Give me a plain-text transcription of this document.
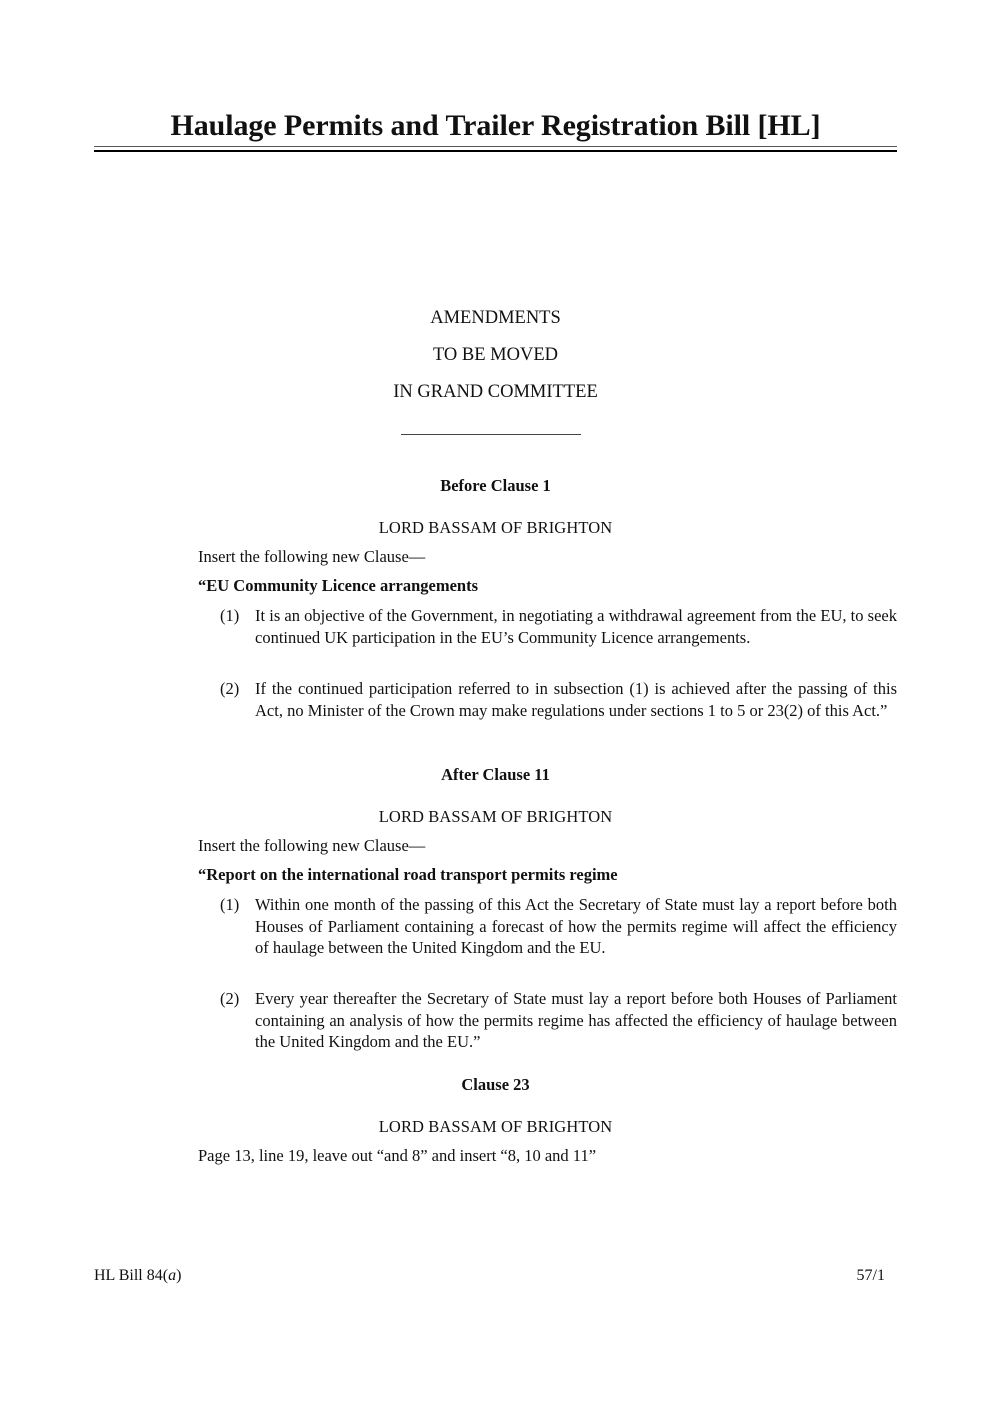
Haulage Permits and Trailer Registration Bill [HL]
AMENDMENTS
TO BE MOVED
IN GRAND COMMITTEE
Before Clause 1
LORD BASSAM OF BRIGHTON
Insert the following new Clause—
“EU Community Licence arrangements
(1) It is an objective of the Government, in negotiating a withdrawal agreement from the EU, to seek continued UK participation in the EU’s Community Licence arrangements.
(2) If the continued participation referred to in subsection (1) is achieved after the passing of this Act, no Minister of the Crown may make regulations under sections 1 to 5 or 23(2) of this Act.”
After Clause 11
LORD BASSAM OF BRIGHTON
Insert the following new Clause—
“Report on the international road transport permits regime
(1) Within one month of the passing of this Act the Secretary of State must lay a report before both Houses of Parliament containing a forecast of how the permits regime will affect the efficiency of haulage between the United Kingdom and the EU.
(2) Every year thereafter the Secretary of State must lay a report before both Houses of Parliament containing an analysis of how the permits regime has affected the efficiency of haulage between the United Kingdom and the EU.”
Clause 23
LORD BASSAM OF BRIGHTON
Page 13, line 19, leave out “and 8” and insert “8, 10 and 11”
HL Bill 84(a)	57/1
